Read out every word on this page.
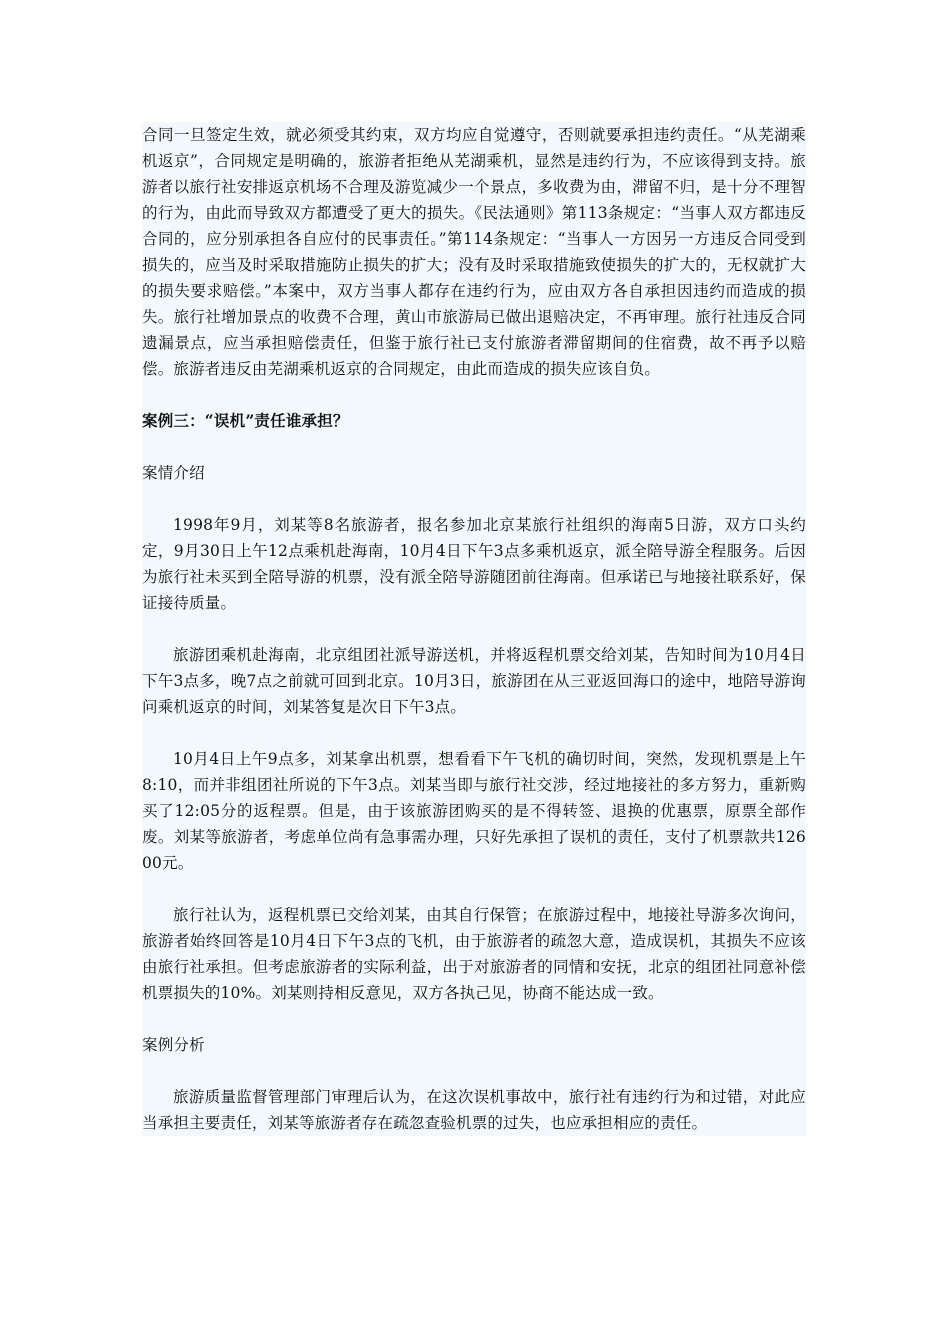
合同一旦签定生效，就必须受其约束，双方均应自觉遵守，否则就要承担违约责任。“从芜湖乘机返京”，合同规定是明确的，旅游者拒绝从芜湖乘机，显然是违约行为，不应该得到支持。旅游者以旅行社安排返京机场不合理及游览减少一个景点，多收费为由，滞留不归，是十分不理智的行为，由此而导致双方都遭受了更大的损失。《民法通则》第113条规定：“当事人双方都违反合同的，应分别承担各自应付的民事责任。”第114条规定：“当事人一方因另一方违反合同受到损失的，应当及时采取措施防止损失的扩大；没有及时采取措施致使损失的扩大的，无权就扩大的损失要求赔偿。”本案中，双方当事人都存在违约行为，应由双方各自承担因违约而造成的损失。旅行社增加景点的收费不合理，黄山市旅游局已做出退赔决定，不再审理。旅行社违反合同遗漏景点，应当承担赔偿责任，但鉴于旅行社已支付旅游者滞留期间的住宿费，故不再予以赔偿。旅游者违反由芜湖乘机返京的合同规定，由此而造成的损失应该自负。

案例三：“误机”责任谁承担？

案情介绍

1998年9月，刘某等8名旅游者，报名参加北京某旅行社组织的海南5日游，双方口头约定，9月30日上午12点乘机赴海南，10月4日下午3点多乘机返京，派全陪导游全程服务。后因为旅行社未买到全陪导游的机票，没有派全陪导游随团前往海南。但承诺已与地接社联系好，保证接待质量。

旅游团乘机赴海南，北京组团社派导游送机，并将返程机票交给刘某，告知时间为10月4日下午3点多，晚7点之前就可回到北京。10月3日，旅游团在从三亚返回海口的途中，地陪导游询问乘机返京的时间，刘某答复是次日下午3点。

10月4日上午9点多，刘某拿出机票，想看看下午飞机的确切时间，突然，发现机票是上午8:10，而并非组团社所说的下午3点。刘某当即与旅行社交涉，经过地接社的多方努力，重新购买了12:05分的返程票。但是，由于该旅游团购买的是不得转签、退换的优惠票，原票全部作废。刘某等旅游者，考虑单位尚有急事需办理，只好先承担了误机的责任，支付了机票款共12600元。

旅行社认为，返程机票已交给刘某，由其自行保管；在旅游过程中，地接社导游多次询问，旅游者始终回答是10月4日下午3点的飞机，由于旅游者的疏忽大意，造成误机，其损失不应该由旅行社承担。但考虑旅游者的实际利益，出于对旅游者的同情和安抚，北京的组团社同意补偿机票损失的10%。刘某则持相反意见，双方各执己见，协商不能达成一致。

案例分析

旅游质量监督管理部门审理后认为，在这次误机事故中，旅行社有违约行为和过错，对此应当承担主要责任，刘某等旅游者存在疏忽查验机票的过失，也应承担相应的责任。
